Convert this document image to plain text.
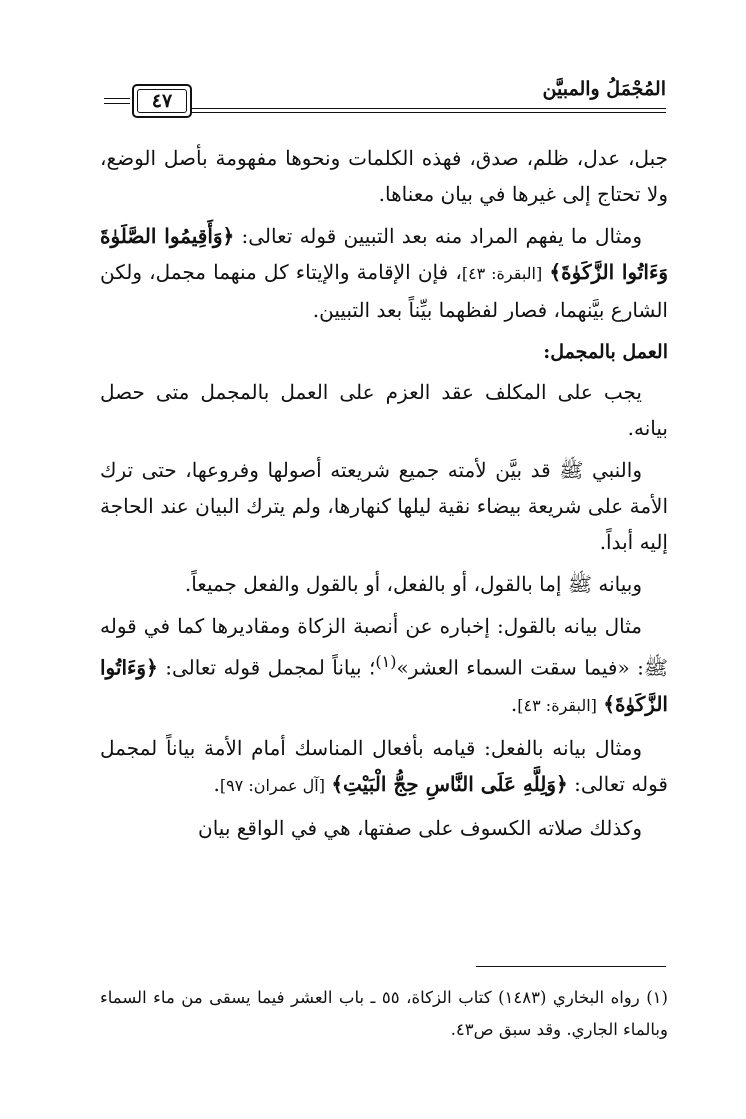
المُجْمَلُ والمبيَّن
٤٧

جبل، عدل، ظلم، صدق، فهذه الكلمات ونحوها مفهومة بأصل الوضع، ولا تحتاج إلى غيرها في بيان معناها.

ومثال ما يفهم المراد منه بعد التبيين قوله تعالى: ﴿وَأَقِيمُوا الصَّلَوٰةَ وَءَاتُوا الزَّكَوٰةَ﴾ [البقرة: ٤٣]، فإن الإقامة والإيتاء كل منهما مجمل، ولكن الشارع بيَّنهما، فصار لفظهما بيِّناً بعد التبيين.

العمل بالمجمل:

يجب على المكلف عقد العزم على العمل بالمجمل متى حصل بيانه.

والنبي ﷺ قد بيَّن لأمته جميع شريعته أصولها وفروعها، حتى ترك الأمة على شريعة بيضاء نقية ليلها كنهارها، ولم يترك البيان عند الحاجة إليه أبداً.

وبيانه ﷺ إما بالقول، أو بالفعل، أو بالقول والفعل جميعاً.

مثال بيانه بالقول: إخباره عن أنصبة الزكاة ومقاديرها كما في قوله ﷺ: «فيما سقت السماء العشر»$^{(١)}$؛ بياناً لمجمل قوله تعالى: ﴿وَءَاتُوا الزَّكَوٰةَ﴾ [البقرة: ٤٣].

ومثال بيانه بالفعل: قيامه بأفعال المناسك أمام الأمة بياناً لمجمل قوله تعالى: ﴿وَلِلَّهِ عَلَى النَّاسِ حِجُّ الْبَيْتِ﴾ [آل عمران: ٩٧].

وكذلك صلاته الكسوف على صفتها، هي في الواقع بيان

(١) رواه البخاري (١٤٨٣) كتاب الزكاة، ٥٥ ـ باب العشر فيما يسقى من ماء السماء وبالماء الجاري. وقد سبق ص٤٣.
